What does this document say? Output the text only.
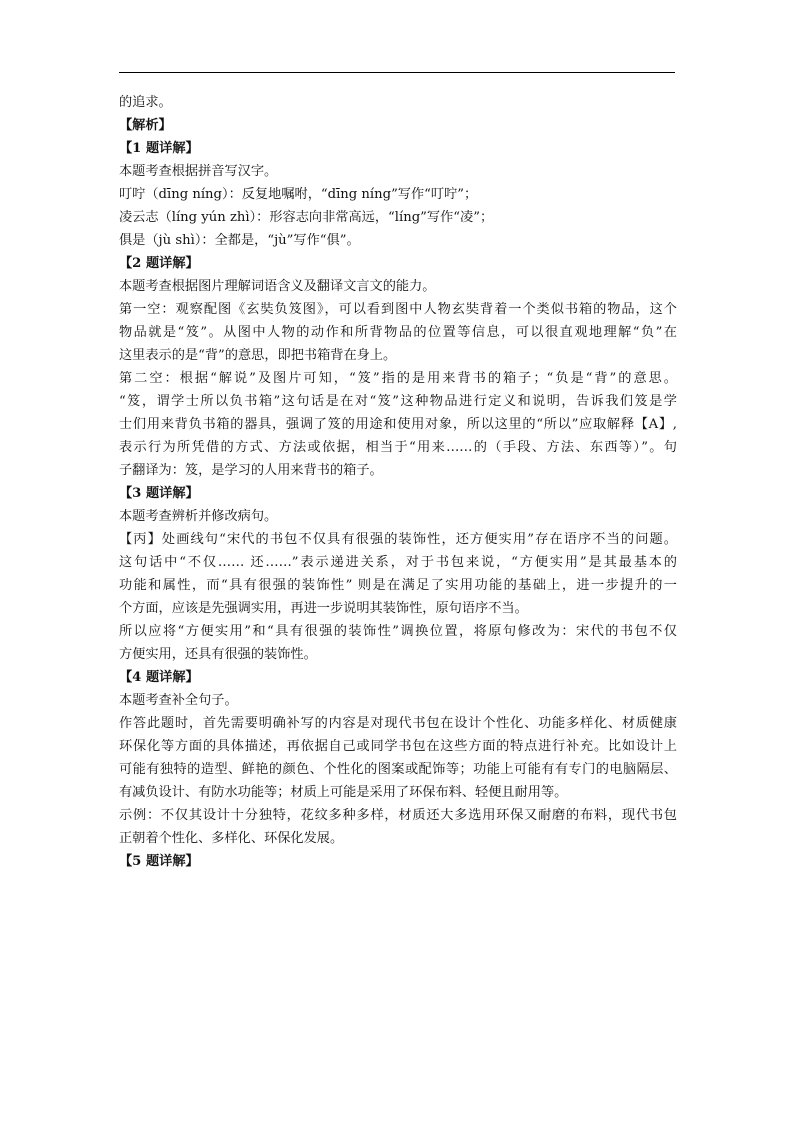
的追求。
【解析】
【1 题详解】
本题考查根据拼音写汉字。
叮咛（dīng níng）：反复地嘱咐，“dīng níng”写作“叮咛”；
凌云志（líng yún zhì）：形容志向非常高远，“líng”写作“凌”；
俱是（jù shì）：全都是，“jù”写作“俱”。
【2 题详解】
本题考查根据图片理解词语含义及翻译文言文的能力。
第一空：观察配图《玄奘负笈图》，可以看到图中人物玄奘背着一个类似书箱的物品，这个
物品就是“笈”。从图中人物的动作和所背物品的位置等信息，可以很直观地理解“负”在
这里表示的是“背”的意思，即把书箱背在身上。
第二空：根据“解说”及图片可知，“笈”指的是用来背书的箱子；“负是“背”的意思。
“笈，谓学士所以负书箱”这句话是在对“笈”这种物品进行定义和说明，告诉我们笈是学
士们用来背负书箱的器具，强调了笈的用途和使用对象，所以这里的“所以”应取解释【A】,
表示行为所凭借的方式、方法或依据，相当于“用来……的（手段、方法、东西等）”。句
子翻译为：笈，是学习的人用来背书的箱子。
【3 题详解】
本题考查辨析并修改病句。
【丙】处画线句“宋代的书包不仅具有很强的装饰性，还方便实用”存在语序不当的问题。
这句话中“不仅…… 还……”表示递进关系，对于书包来说，“方便实用”是其最基本的
功能和属性，而“具有很强的装饰性” 则是在满足了实用功能的基础上，进一步提升的一
个方面，应该是先强调实用，再进一步说明其装饰性，原句语序不当。
所以应将“方便实用”和“具有很强的装饰性”调换位置，将原句修改为：宋代的书包不仅
方便实用，还具有很强的装饰性。
【4 题详解】
本题考查补全句子。
作答此题时，首先需要明确补写的内容是对现代书包在设计个性化、功能多样化、材质健康
环保化等方面的具体描述，再依据自己或同学书包在这些方面的特点进行补充。比如设计上
可能有独特的造型、鲜艳的颜色、个性化的图案或配饰等；功能上可能有有专门的电脑隔层、
有减负设计、有防水功能等；材质上可能是采用了环保布料、轻便且耐用等。
示例：不仅其设计十分独特，花纹多种多样，材质还大多选用环保又耐磨的布料，现代书包
正朝着个性化、多样化、环保化发展。
【5 题详解】
